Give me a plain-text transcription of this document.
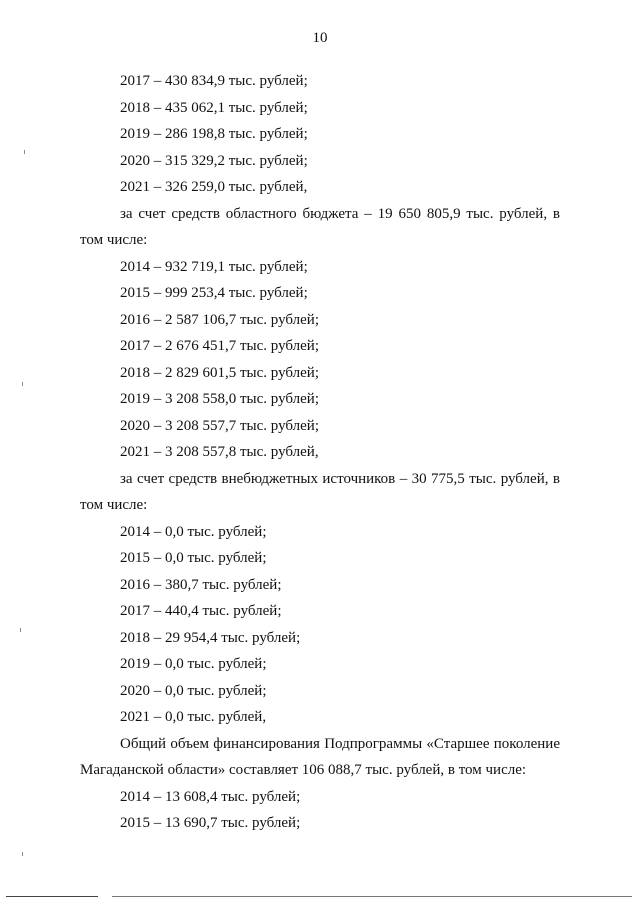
10
2017 – 430 834,9 тыс. рублей;
2018 – 435 062,1 тыс. рублей;
2019 – 286 198,8 тыс. рублей;
2020 – 315 329,2 тыс. рублей;
2021 – 326 259,0 тыс. рублей,
за счет средств областного бюджета – 19 650 805,9 тыс. рублей, в том числе:
2014 – 932 719,1 тыс. рублей;
2015 – 999 253,4 тыс. рублей;
2016 – 2 587 106,7 тыс. рублей;
2017 – 2 676 451,7 тыс. рублей;
2018 – 2 829 601,5 тыс. рублей;
2019 – 3 208 558,0 тыс. рублей;
2020 – 3 208 557,7 тыс. рублей;
2021 – 3 208 557,8 тыс. рублей,
за счет средств внебюджетных источников – 30 775,5 тыс. рублей, в том числе:
2014 – 0,0 тыс. рублей;
2015 – 0,0 тыс. рублей;
2016 – 380,7 тыс. рублей;
2017 – 440,4 тыс. рублей;
2018 – 29 954,4 тыс. рублей;
2019 – 0,0 тыс. рублей;
2020 – 0,0 тыс. рублей;
2021 – 0,0 тыс. рублей,
Общий объем финансирования Подпрограммы «Старшее поколение Магаданской области» составляет 106 088,7 тыс. рублей, в том числе:
2014 – 13 608,4 тыс. рублей;
2015 – 13 690,7 тыс. рублей;
